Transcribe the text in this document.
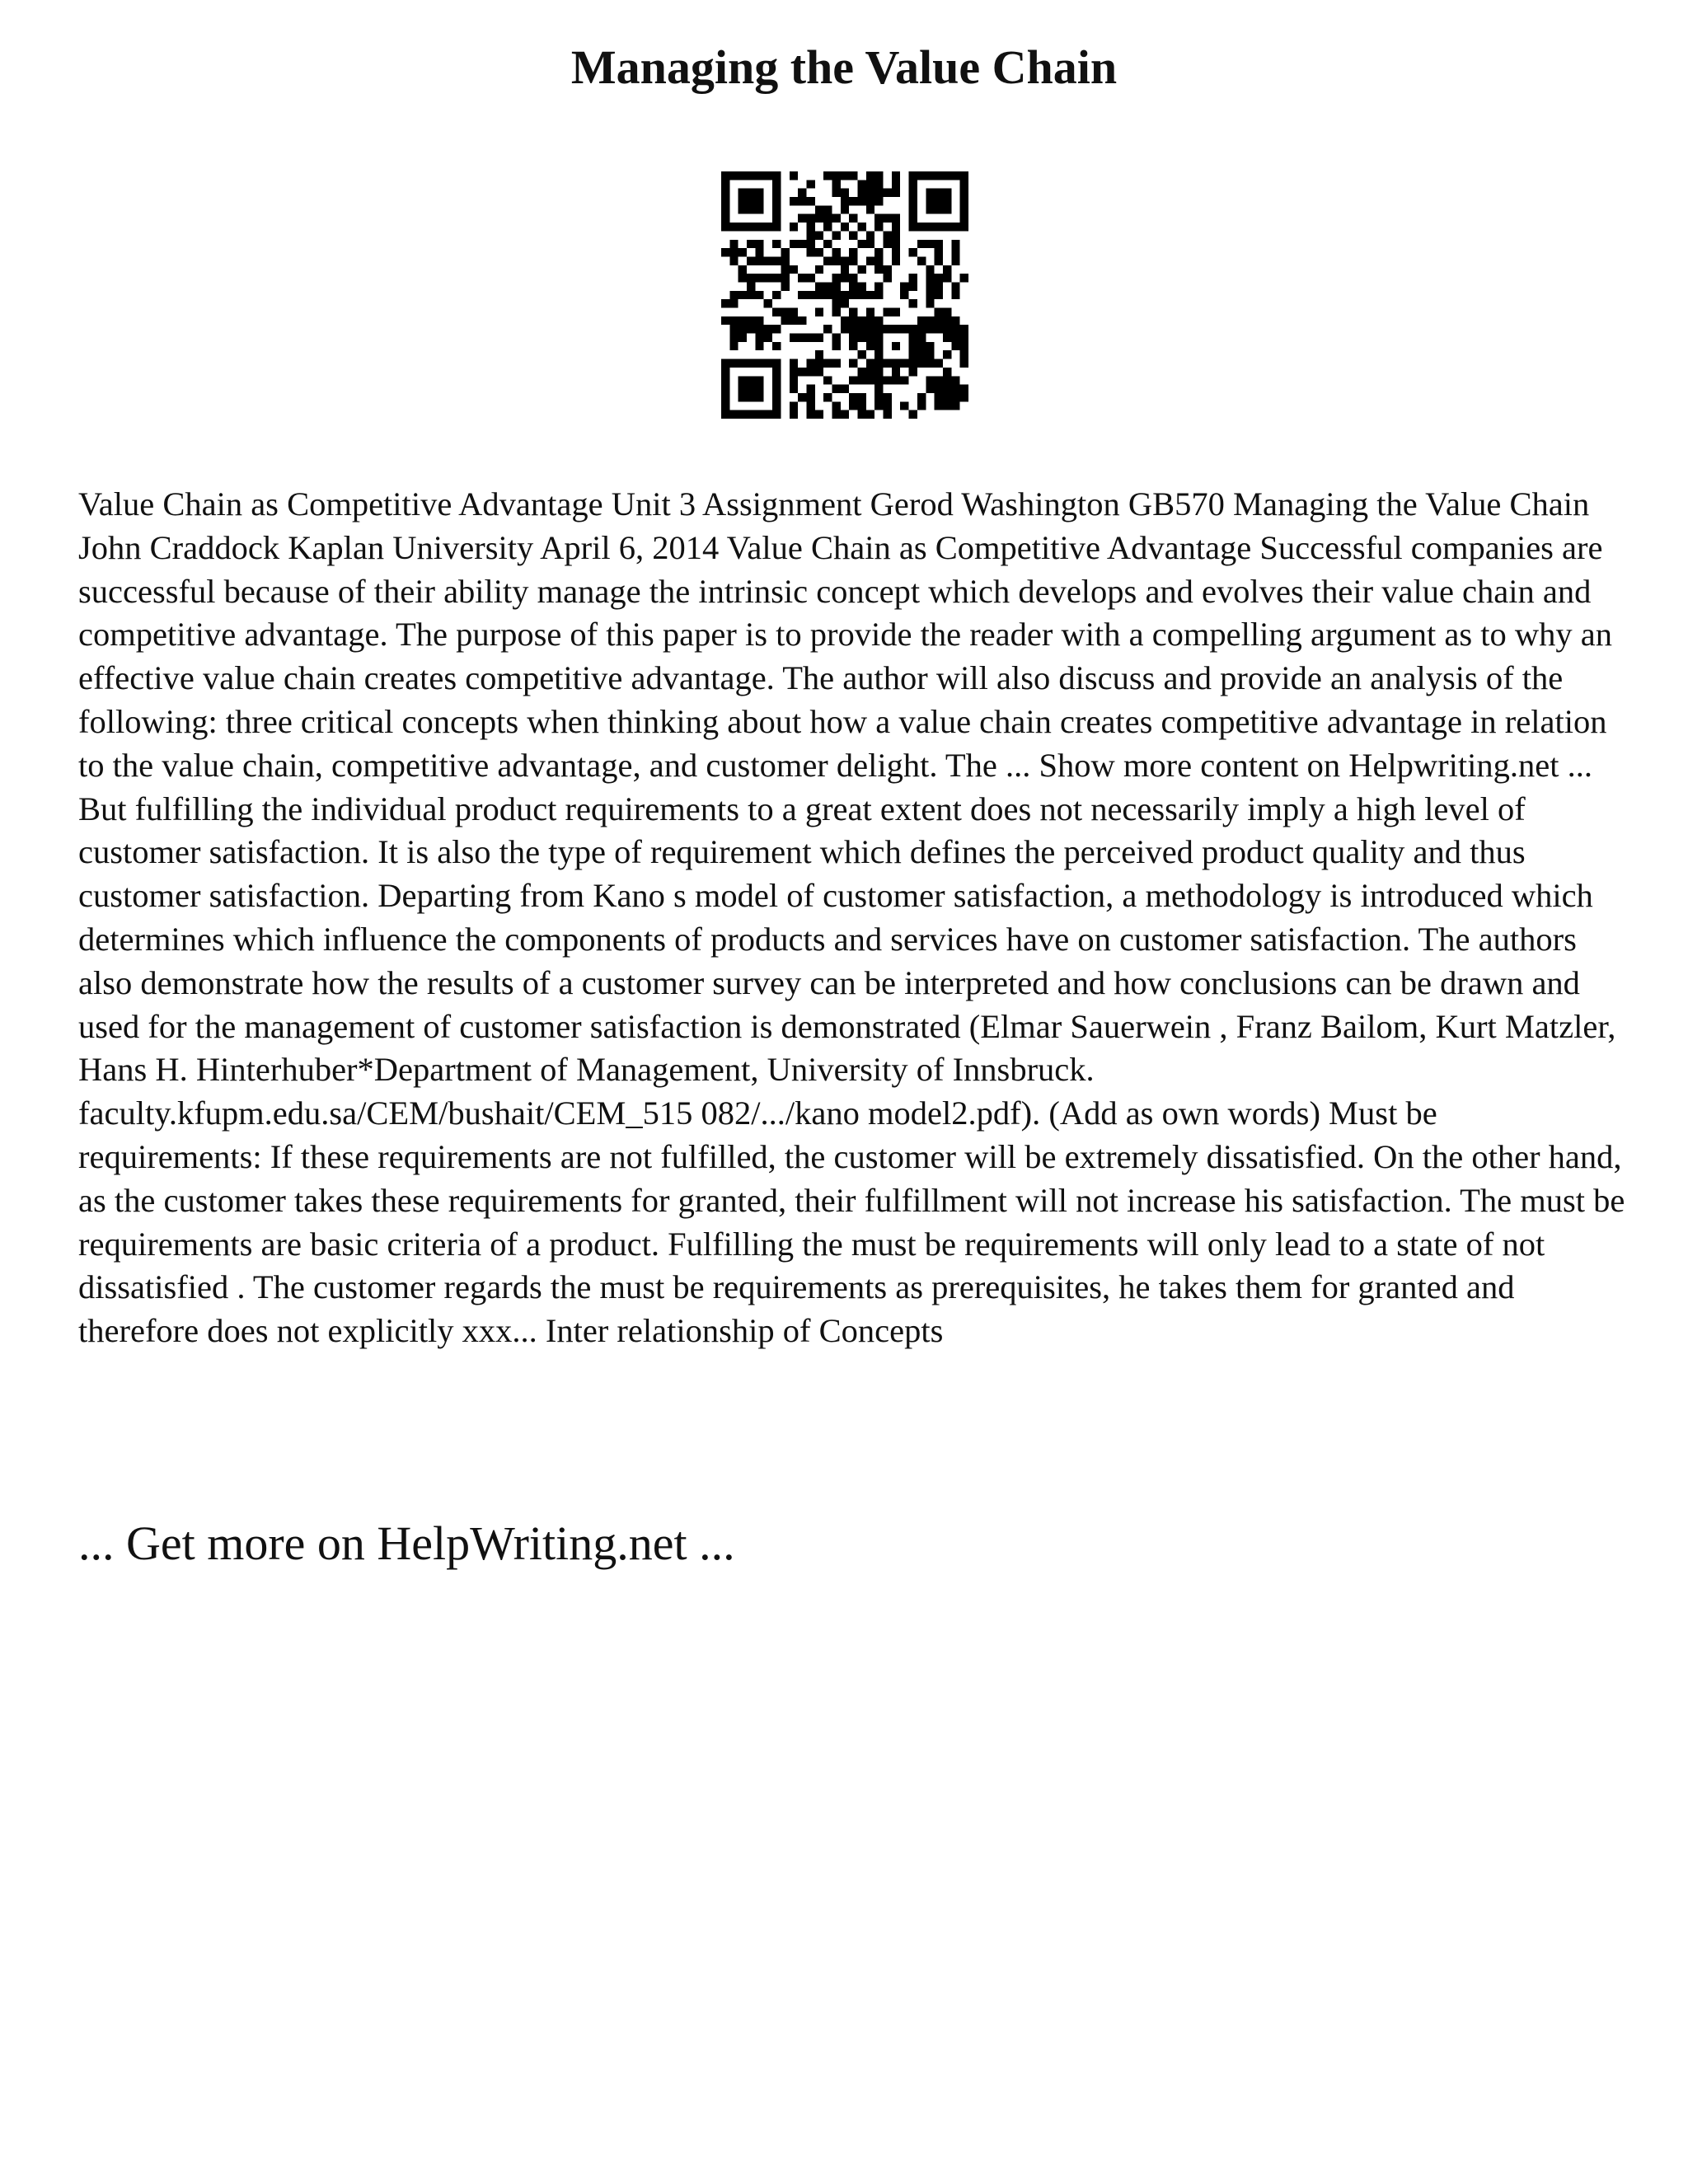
Managing the Value Chain

Value Chain as Competitive Advantage Unit 3 Assignment Gerod Washington GB570 Managing the Value Chain John Craddock Kaplan University April 6, 2014 Value Chain as Competitive Advantage Successful companies are successful because of their ability manage the intrinsic concept which develops and evolves their value chain and competitive advantage. The purpose of this paper is to provide the reader with a compelling argument as to why an effective value chain creates competitive advantage. The author will also discuss and provide an analysis of the following: three critical concepts when thinking about how a value chain creates competitive advantage in relation to the value chain, competitive advantage, and customer delight. The ... Show more content on Helpwriting.net ... But fulfilling the individual product requirements to a great extent does not necessarily imply a high level of customer satisfaction. It is also the type of requirement which defines the perceived product quality and thus customer satisfaction. Departing from Kano s model of customer satisfaction, a methodology is introduced which determines which influence the components of products and services have on customer satisfaction. The authors also demonstrate how the results of a customer survey can be interpreted and how conclusions can be drawn and used for the management of customer satisfaction is demonstrated (Elmar Sauerwein , Franz Bailom, Kurt Matzler, Hans H. Hinterhuber*Department of Management, University of Innsbruck. faculty.kfupm.edu.sa/CEM/bushait/CEM_515 082/.../kano model2.pdf). (Add as own words) Must be requirements: If these requirements are not fulfilled, the customer will be extremely dissatisfied. On the other hand, as the customer takes these requirements for granted, their fulfillment will not increase his satisfaction. The must be requirements are basic criteria of a product. Fulfilling the must be requirements will only lead to a state of not dissatisfied . The customer regards the must be requirements as prerequisites, he takes them for granted and therefore does not explicitly xxx... Inter relationship of Concepts

... Get more on HelpWriting.net ...
